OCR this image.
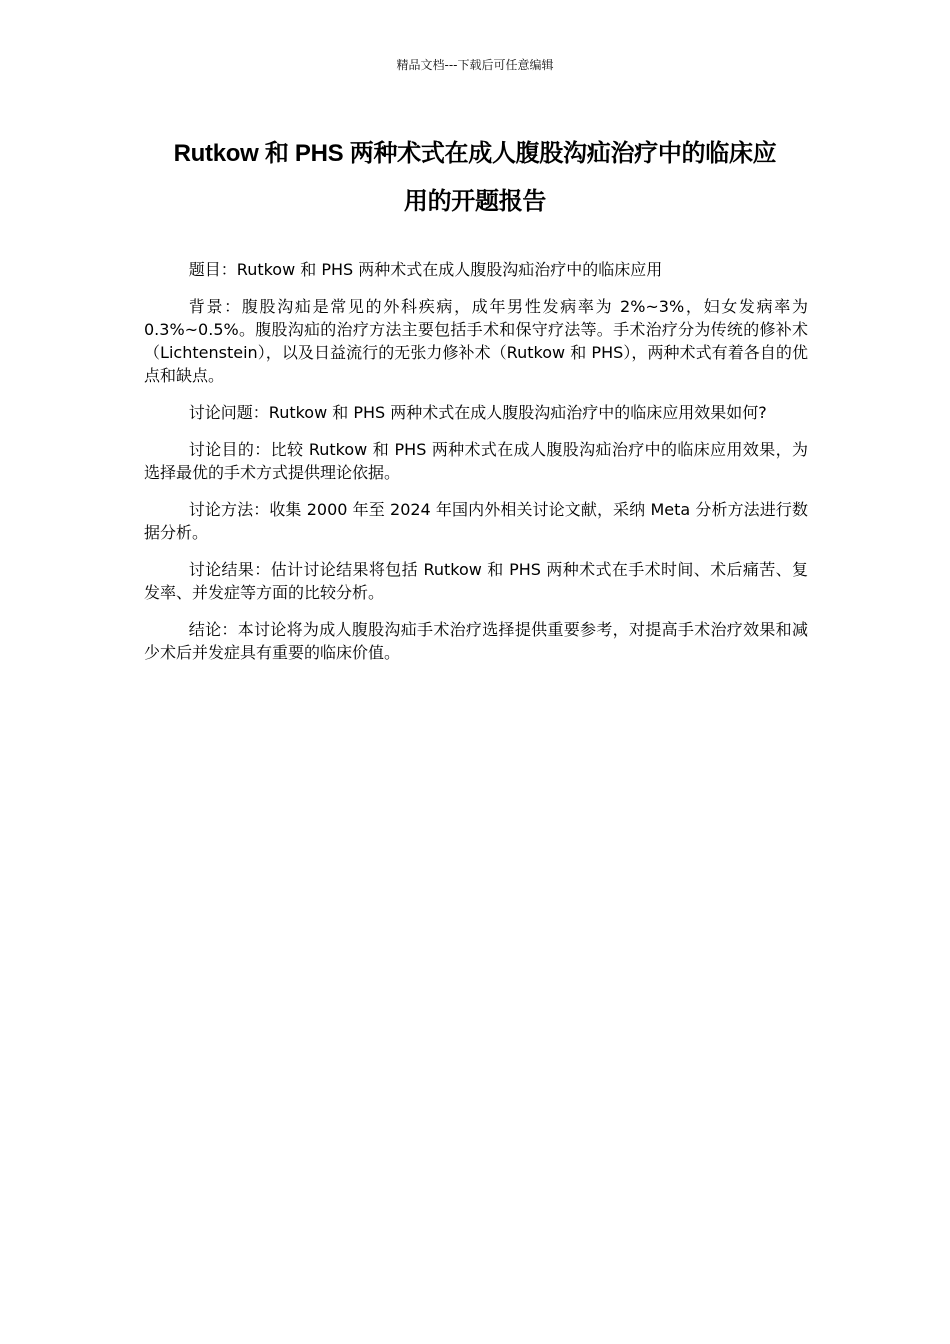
精品文档---下载后可任意编辑
Rutkow 和 PHS 两种术式在成人腹股沟疝治疗中的临床应
用的开题报告

题目：Rutkow 和 PHS 两种术式在成人腹股沟疝治疗中的临床应用

背景：腹股沟疝是常见的外科疾病，成年男性发病率为 2%~3%，妇女发病率为 0.3%~0.5%。腹股沟疝的治疗方法主要包括手术和保守疗法等。手术治疗分为传统的修补术（Lichtenstein），以及日益流行的无张力修补术（Rutkow 和 PHS），两种术式有着各自的优点和缺点。

讨论问题：Rutkow 和 PHS 两种术式在成人腹股沟疝治疗中的临床应用效果如何?

讨论目的：比较 Rutkow 和 PHS 两种术式在成人腹股沟疝治疗中的临床应用效果，为选择最优的手术方式提供理论依据。

讨论方法：收集 2000 年至 2024 年国内外相关讨论文献，采纳 Meta 分析方法进行数据分析。

讨论结果：估计讨论结果将包括 Rutkow 和 PHS 两种术式在手术时间、术后痛苦、复发率、并发症等方面的比较分析。

结论：本讨论将为成人腹股沟疝手术治疗选择提供重要参考，对提高手术治疗效果和减少术后并发症具有重要的临床价值。
